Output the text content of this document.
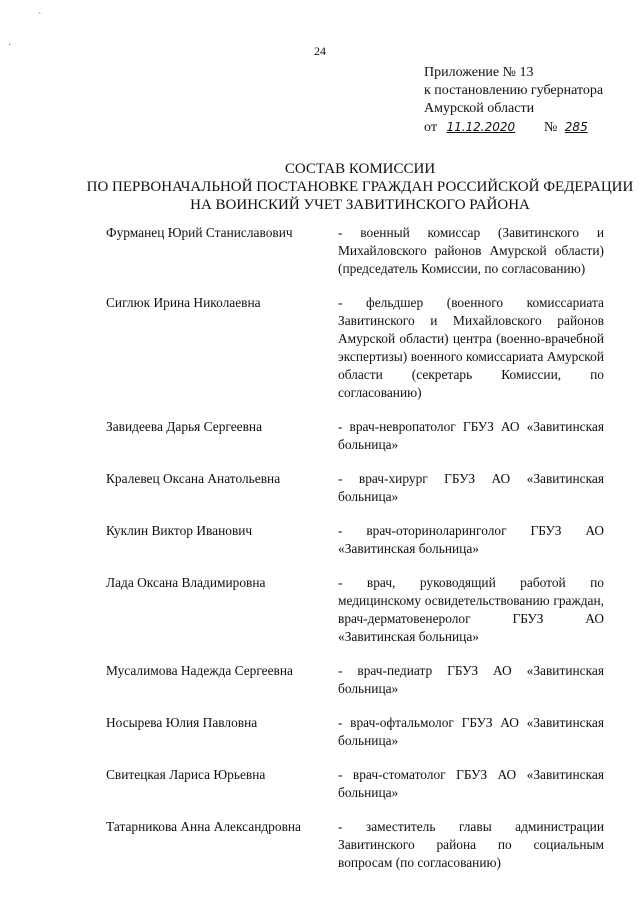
`
·	24
Приложение № 13
к постановлению губернатора
Амурской области
от 11.12.2020 № 285
СОСТАВ КОМИССИИ
ПО ПЕРВОНАЧАЛЬНОЙ ПОСТАНОВКЕ ГРАЖДАН РОССИЙСКОЙ ФЕДЕРАЦИИ
НА ВОИНСКИЙ УЧЕТ ЗАВИТИНСКОГО РАЙОНА
Фурманец Юрий Станиславович	- военный комиссар (Завитинского и Михайловского районов Амурской области) (председатель Комиссии, по согласованию)
Сиглюк Ирина Николаевна	- фельдшер (военного комиссариата Завитинского и Михайловского районов Амурской области) центра (военно-врачебной экспертизы) военного комиссариата Амурской области (секретарь Комиссии, по согласованию)
Завидеева Дарья Сергеевна	- врач-невропатолог ГБУЗ АО «Завитинская больница»
Кралевец Оксана Анатольевна	- врач-хирург ГБУЗ АО «Завитинская больница»
Куклин Виктор Иванович	- врач-оториноларинголог ГБУЗ АО «Завитинская больница»
Лада Оксана Владимировна	- врач, руководящий работой по медицинскому освидетельствованию граждан, врач-дерматовенеролог ГБУЗ АО «Завитинская больница»
Мусалимова Надежда Сергеевна	- врач-педиатр ГБУЗ АО «Завитинская больница»
Носырева Юлия Павловна	- врач-офтальмолог ГБУЗ АО «Завитинская больница»
Свитецкая Лариса Юрьевна	- врач-стоматолог ГБУЗ АО «Завитинская больница»
Татарникова Анна Александровна	- заместитель главы администрации Завитинского района по социальным вопросам (по согласованию)
